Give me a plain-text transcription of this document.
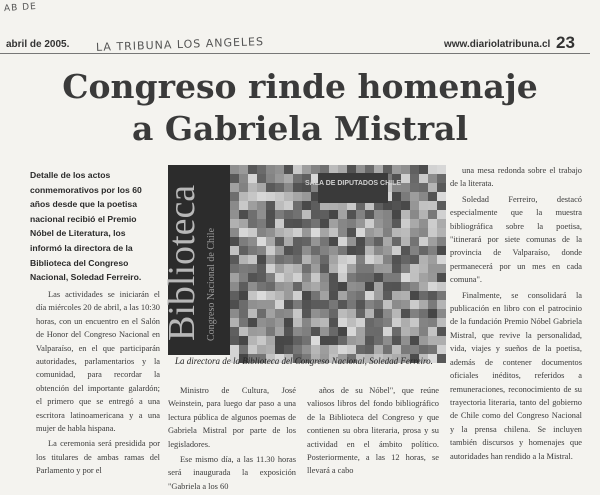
AB DE
LA TRIBUNA LOS ANGELES
abril de 2005.	www.diariolatribuna.cl 23
Congreso rinde homenaje
a Gabriela Mistral
Detalle de los actos conmemorativos por los 60 años desde que la poetisa nacional recibió el Premio Nóbel de Literatura, los informó la directora de la Biblioteca del Congreso Nacional, Soledad Ferreiro.

Las actividades se iniciarán el día miércoles 20 de abril, a las 10:30 horas, con un encuentro en el Salón de Honor del Congreso Nacional en Valparaíso, en el que participarán autoridades, parlamentarios y la comunidad, para recordar la obtención del importante galardón; el primero que se entregó a una escritora latinoamericana y a una mujer de habla hispana.

La ceremonia será presidida por los titulares de ambas ramas del Parlamento y por el

SALA DE DIPUTADOS CHILE
Biblioteca Congreso Nacional de Chile
La directora de la Biblioteca del Congreso Nacional, Soledad Ferreiro.

Ministro de Cultura, José Weinstein, para luego dar paso a una lectura pública de algunos poemas de Gabriela Mistral por parte de los legisladores.

Ese mismo día, a las 11.30 horas será inaugurada la exposición "Gabriela a los 60

años de su Nóbel", que reúne valiosos libros del fondo bibliográfico de la Biblioteca del Congreso y que contienen su obra literaria, prosa y su actividad en el ámbito político. Posteriormente, a las 12 horas, se llevará a cabo

una mesa redonda sobre el trabajo de la literata.

Soledad Ferreiro, destacó especialmente que la muestra bibliográfica sobre la poetisa, "itinerará por siete comunas de la provincia de Valparaíso, donde permanecerá por un mes en cada comuna".

Finalmente, se consolidará la publicación en libro con el patrocinio de la fundación Premio Nóbel Gabriela Mistral, que revive la personalidad, vida, viajes y sueños de la poetisa, además de contener documentos oficiales inéditos, referidos a remuneraciones, reconocimiento de su trayectoria literaria, tanto del gobierno de Chile como del Congreso Nacional y la prensa chilena. Se incluyen también discursos y homenajes que autoridades han rendido a la Mistral.
